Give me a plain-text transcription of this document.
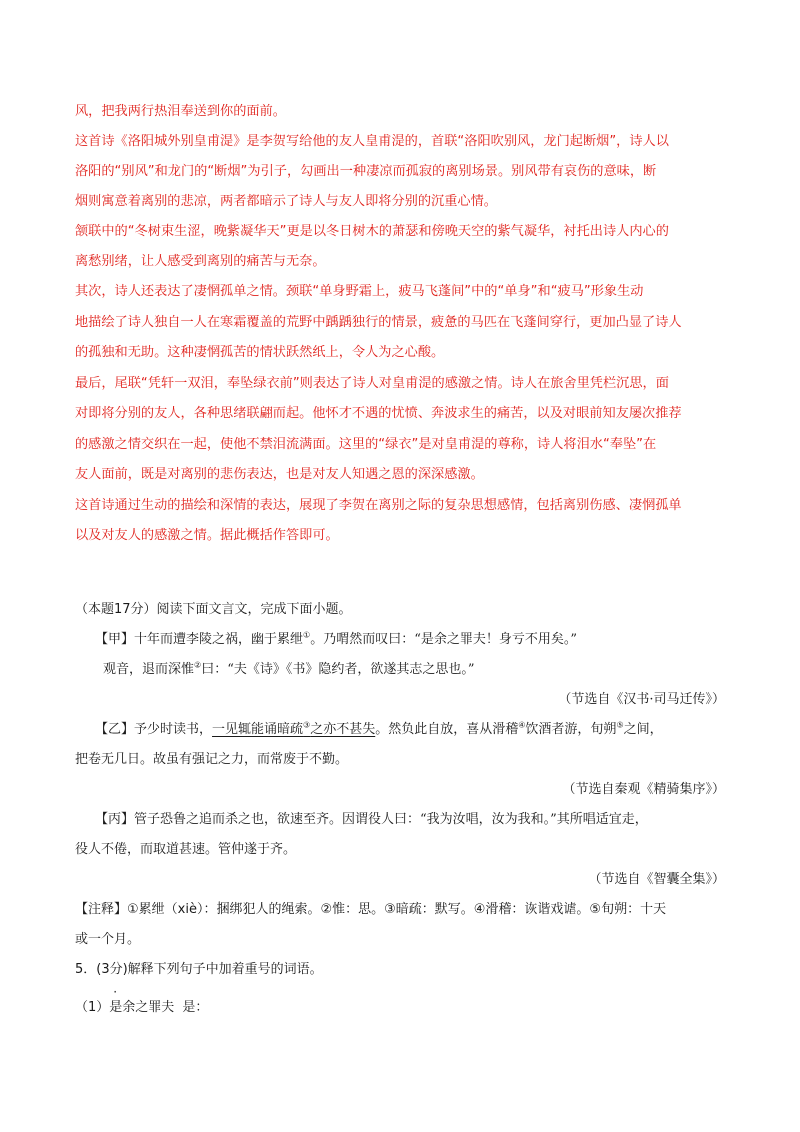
风，把我两行热泪奉送到你的面前。

这首诗《洛阳城外别皇甫湜》是李贺写给他的友人皇甫湜的，首联“洛阳吹别风，龙门起断烟”，诗人以

洛阳的“别风”和龙门的“断烟”为引子，勾画出一种凄凉而孤寂的离别场景。别风带有哀伤的意味，断

烟则寓意着离别的悲凉，两者都暗示了诗人与友人即将分别的沉重心情。

颔联中的“冬树束生涩，晚紫凝华天”更是以冬日树木的萧瑟和傍晚天空的紫气凝华，衬托出诗人内心的

离愁别绪，让人感受到离别的痛苦与无奈。

其次，诗人还表达了凄惘孤单之情。颈联“单身野霜上，疲马飞蓬间”中的“单身”和“疲马”形象生动

地描绘了诗人独自一人在寒霜覆盖的荒野中踽踽独行的情景，疲惫的马匹在飞蓬间穿行，更加凸显了诗人

的孤独和无助。这种凄惘孤苦的情状跃然纸上，令人为之心酸。

最后，尾联“凭轩一双泪，奉坠绿衣前”则表达了诗人对皇甫湜的感激之情。诗人在旅舍里凭栏沉思，面

对即将分别的友人，各种思绪联翩而起。他怀才不遇的忧愤、奔波求生的痛苦，以及对眼前知友屡次推荐

的感激之情交织在一起，使他不禁泪流满面。这里的“绿衣”是对皇甫湜的尊称，诗人将泪水“奉坠”在

友人面前，既是对离别的悲伤表达，也是对友人知遇之恩的深深感激。

这首诗通过生动的描绘和深情的表达，展现了李贺在离别之际的复杂思想感情，包括离别伤感、凄惘孤单

以及对友人的感激之情。据此概括作答即可。

（本题17分）阅读下面文言文，完成下面小题。

【甲】十年而遭李陵之祸，幽于累绁①。乃喟然而叹曰：“是余之罪夫！身亏不用矣。”

观音，退而深惟②曰：“夫《诗》《书》隐约者，欲遂其志之思也。”

（节选自《汉书·司马迁传》）

【乙】予少时读书，一见辄能诵暗疏③之亦不甚失。然负此自放，喜从滑稽④饮酒者游，旬朔⑤之间，

把卷无几日。故虽有强记之力，而常废于不勤。

（节选自秦观《精骑集序》）

【丙】管子恐鲁之追而杀之也，欲速至齐。因谓役人曰：“我为汝唱，汝为我和。”其所唱适宜走，

役人不倦，而取道甚速。管仲遂于齐。

（节选自《智囊全集》）

【注释】①累绁（xiè）：捆绑犯人的绳索。②惟：思。③暗疏：默写。④滑稽：诙谐戏谑。⑤旬朔：十天

或一个月。

5．(3分)解释下列句子中加着重号的词语。

（1）是余之罪夫 是：
